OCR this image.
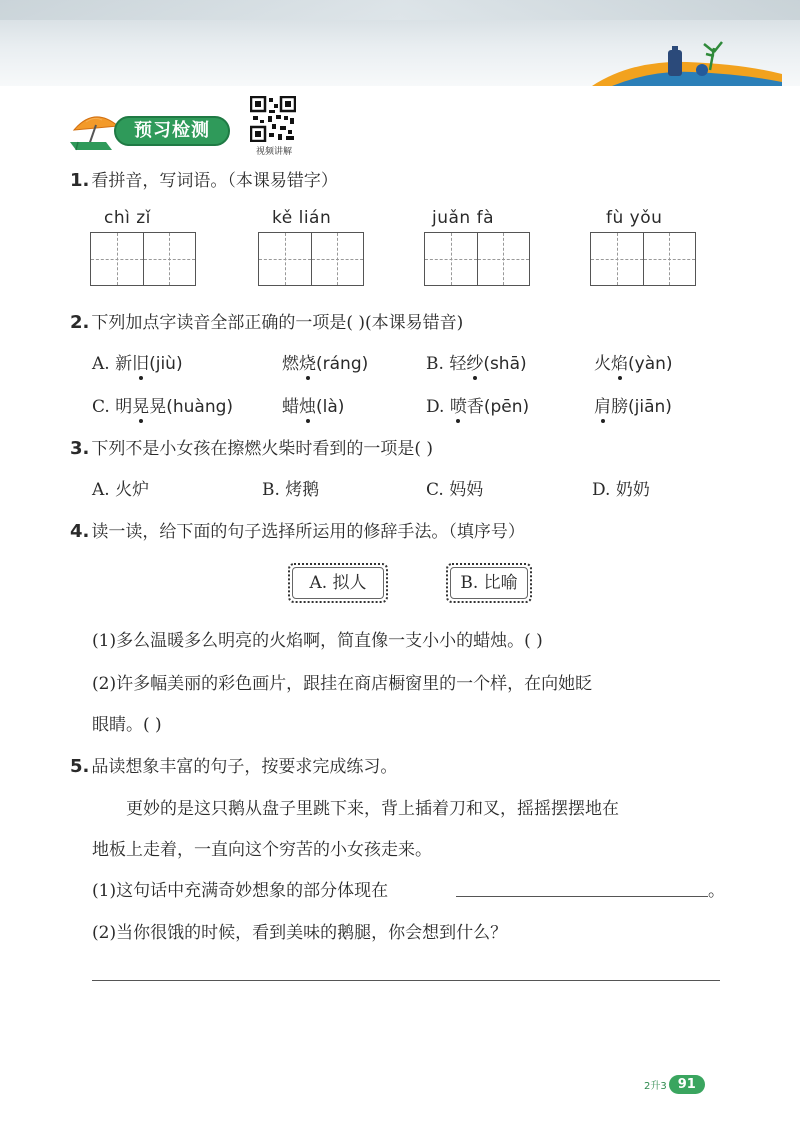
预习检测
视频讲解
1. 看拼音，写词语。（本课易错字）
chì zǐ	kě lián	juǎn fà	fù yǒu
2. 下列加点字读音全部正确的一项是( )(本课易错音)
A. 新旧(jiù)	燃烧(ráng)	B. 轻纱(shā)	火焰(yàn)
C. 明晃晃(huàng)	蜡烛(là)	D. 喷香(pēn)	肩膀(jiān)
3. 下列不是小女孩在擦燃火柴时看到的一项是( )
A. 火炉	B. 烤鹅	C. 妈妈	D. 奶奶
4. 读一读，给下面的句子选择所运用的修辞手法。（填序号）
A. 拟人	B. 比喻
(1)多么温暖多么明亮的火焰啊，简直像一支小小的蜡烛。( )
(2)许多幅美丽的彩色画片，跟挂在商店橱窗里的一个样，在向她眨
眼睛。( )
5. 品读想象丰富的句子，按要求完成练习。
更妙的是这只鹅从盘子里跳下来，背上插着刀和叉，摇摇摆摆地在
地板上走着，一直向这个穷苦的小女孩走来。
(1)这句话中充满奇妙想象的部分体现在	。
(2)当你很饿的时候，看到美味的鹅腿，你会想到什么？
2升3 91
